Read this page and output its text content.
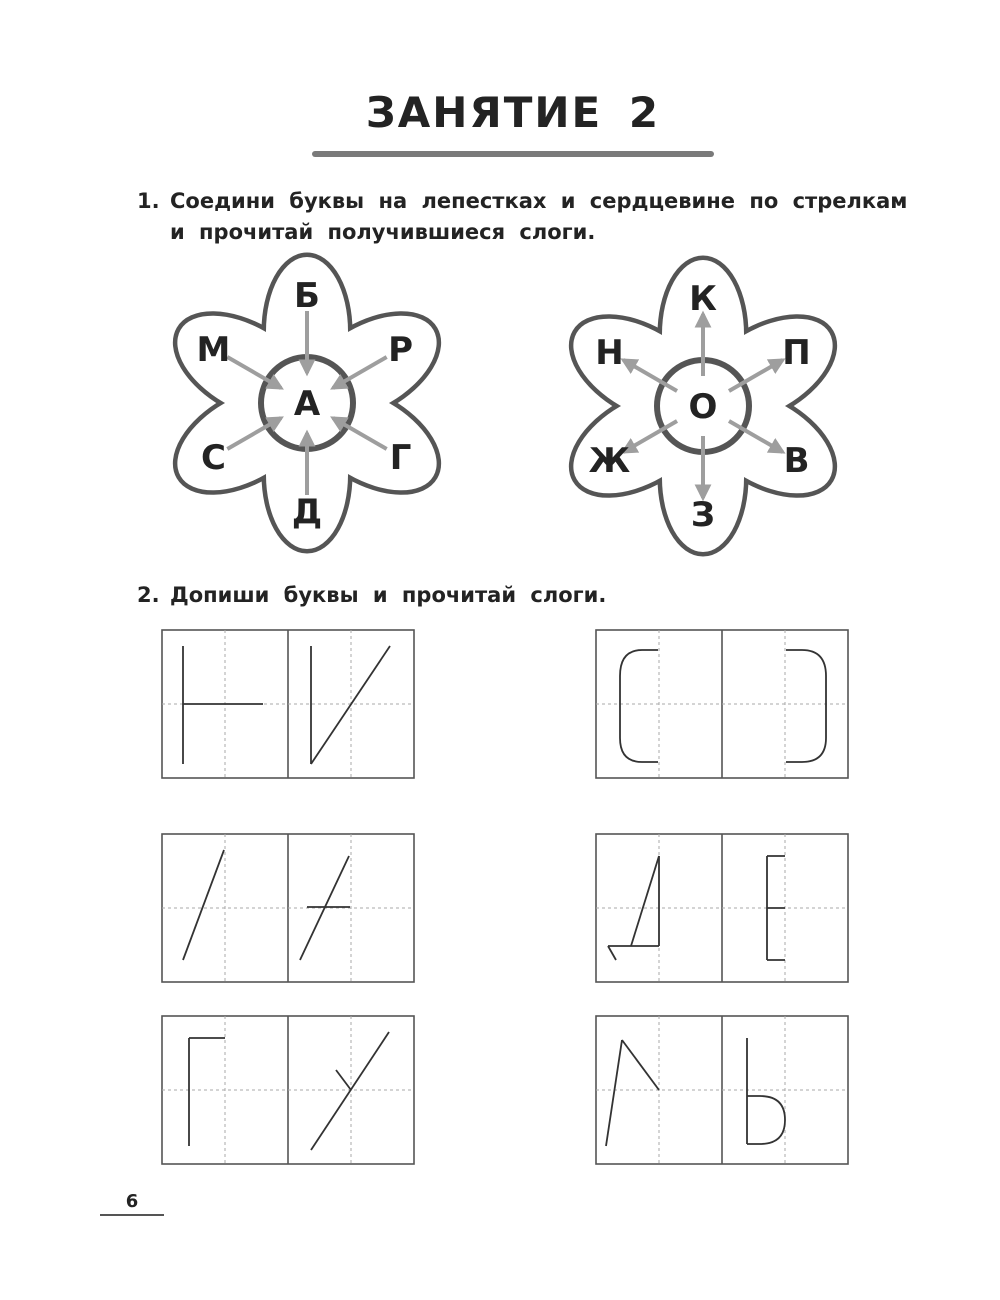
ЗАНЯТИЕ 2
1. Соедини буквы на лепестках и сердцевине по стрелкам
и прочитай получившиеся слоги.
2. Допиши буквы и прочитай слоги.
А
Б
Р
Г
Д
С
М
О
К
П
В
З
Ж
Н
6
